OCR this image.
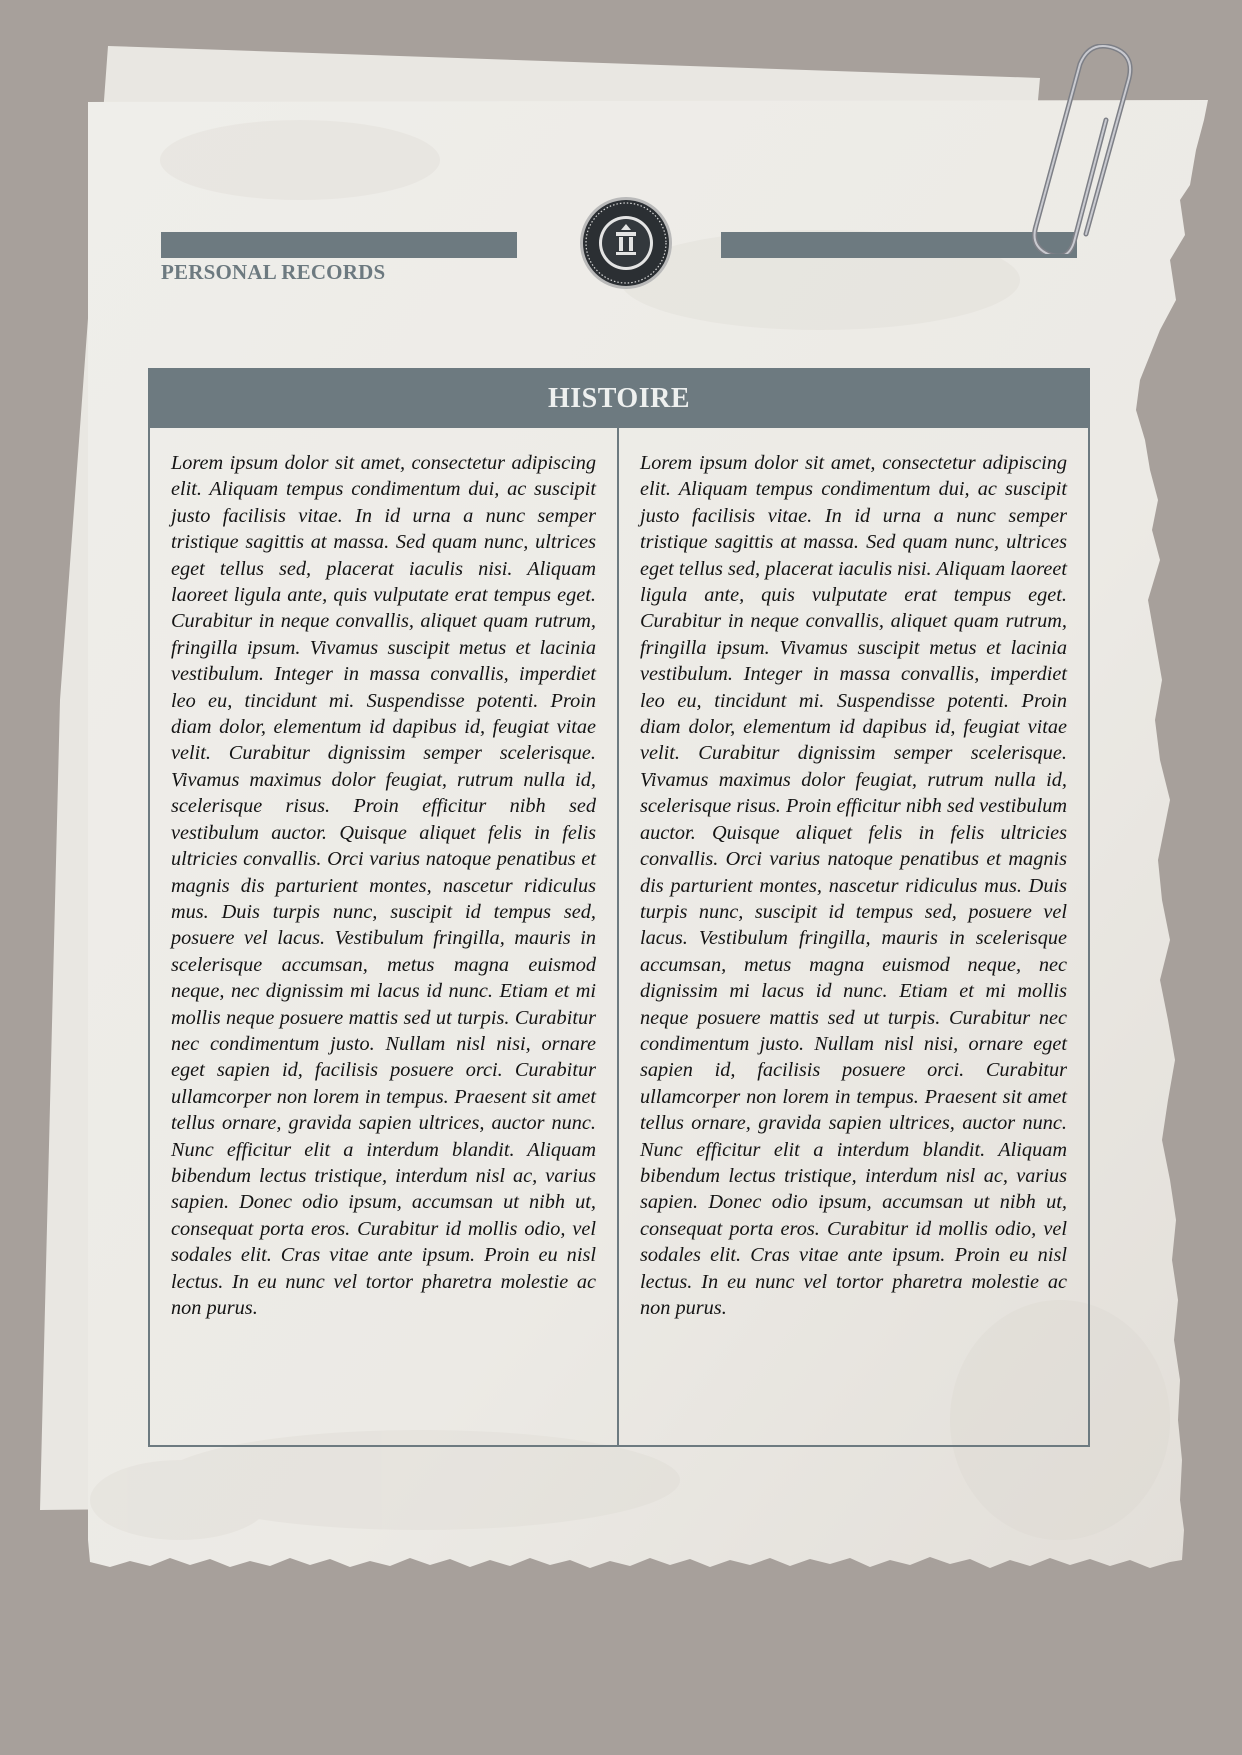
PERSONAL RECORDS
HISTOIRE

Lorem ipsum dolor sit amet, consectetur adipiscing elit. Aliquam tempus condimentum dui, ac suscipit justo facilisis vitae. In id urna a nunc semper tristique sagittis at massa. Sed quam nunc, ultrices eget tellus sed, placerat iaculis nisi. Aliquam laoreet ligula ante, quis vulputate erat tempus eget. Curabitur in neque convallis, aliquet quam rutrum, fringilla ipsum. Vivamus suscipit metus et lacinia vestibulum. Integer in massa convallis, imperdiet leo eu, tincidunt mi. Suspendisse potenti. Proin diam dolor, elementum id dapibus id, feugiat vitae velit. Curabitur dignissim semper scelerisque. Vivamus maximus dolor feugiat, rutrum nulla id, scelerisque risus. Proin efficitur nibh sed vestibulum auctor. Quisque aliquet felis in felis ultricies convallis. Orci varius natoque penatibus et magnis dis parturient montes, nascetur ridiculus mus. Duis turpis nunc, suscipit id tempus sed, posuere vel lacus. Vestibulum fringilla, mauris in scelerisque accumsan, metus magna euismod neque, nec dignissim mi lacus id nunc. Etiam et mi mollis neque posuere mattis sed ut turpis. Curabitur nec condimentum justo. Nullam nisl nisi, ornare eget sapien id, facilisis posuere orci. Curabitur ullamcorper non lorem in tempus. Praesent sit amet tellus ornare, gravida sapien ultrices, auctor nunc. Nunc efficitur elit a interdum blandit. Aliquam bibendum lectus tristique, interdum nisl ac, varius sapien. Donec odio ipsum, accumsan ut nibh ut, consequat porta eros. Curabitur id mollis odio, vel sodales elit. Cras vitae ante ipsum. Proin eu nisl lectus. In eu nunc vel tortor pharetra molestie ac non purus.

Lorem ipsum dolor sit amet, consectetur adipiscing elit. Aliquam tempus condimentum dui, ac suscipit justo facilisis vitae. In id urna a nunc semper tristique sagittis at massa. Sed quam nunc, ultrices eget tellus sed, placerat iaculis nisi. Aliquam laoreet ligula ante, quis vulputate erat tempus eget. Curabitur in neque convallis, aliquet quam rutrum, fringilla ipsum. Vivamus suscipit metus et lacinia vestibulum. Integer in massa convallis, imperdiet leo eu, tincidunt mi. Suspendisse potenti. Proin diam dolor, elementum id dapibus id, feugiat vitae velit. Curabitur dignissim semper scelerisque. Vivamus maximus dolor feugiat, rutrum nulla id, scelerisque risus. Proin efficitur nibh sed vestibulum auctor. Quisque aliquet felis in felis ultricies convallis. Orci varius natoque penatibus et magnis dis parturient montes, nascetur ridiculus mus. Duis turpis nunc, suscipit id tempus sed, posuere vel lacus. Vestibulum fringilla, mauris in scelerisque accumsan, metus magna euismod neque, nec dignissim mi lacus id nunc. Etiam et mi mollis neque posuere mattis sed ut turpis. Curabitur nec condimentum justo. Nullam nisl nisi, ornare eget sapien id, facilisis posuere orci. Curabitur ullamcorper non lorem in tempus. Praesent sit amet tellus ornare, gravida sapien ultrices, auctor nunc. Nunc efficitur elit a interdum blandit. Aliquam bibendum lectus tristique, interdum nisl ac, varius sapien. Donec odio ipsum, accumsan ut nibh ut, consequat porta eros. Curabitur id mollis odio, vel sodales elit. Cras vitae ante ipsum. Proin eu nisl lectus. In eu nunc vel tortor pharetra molestie ac non purus.
